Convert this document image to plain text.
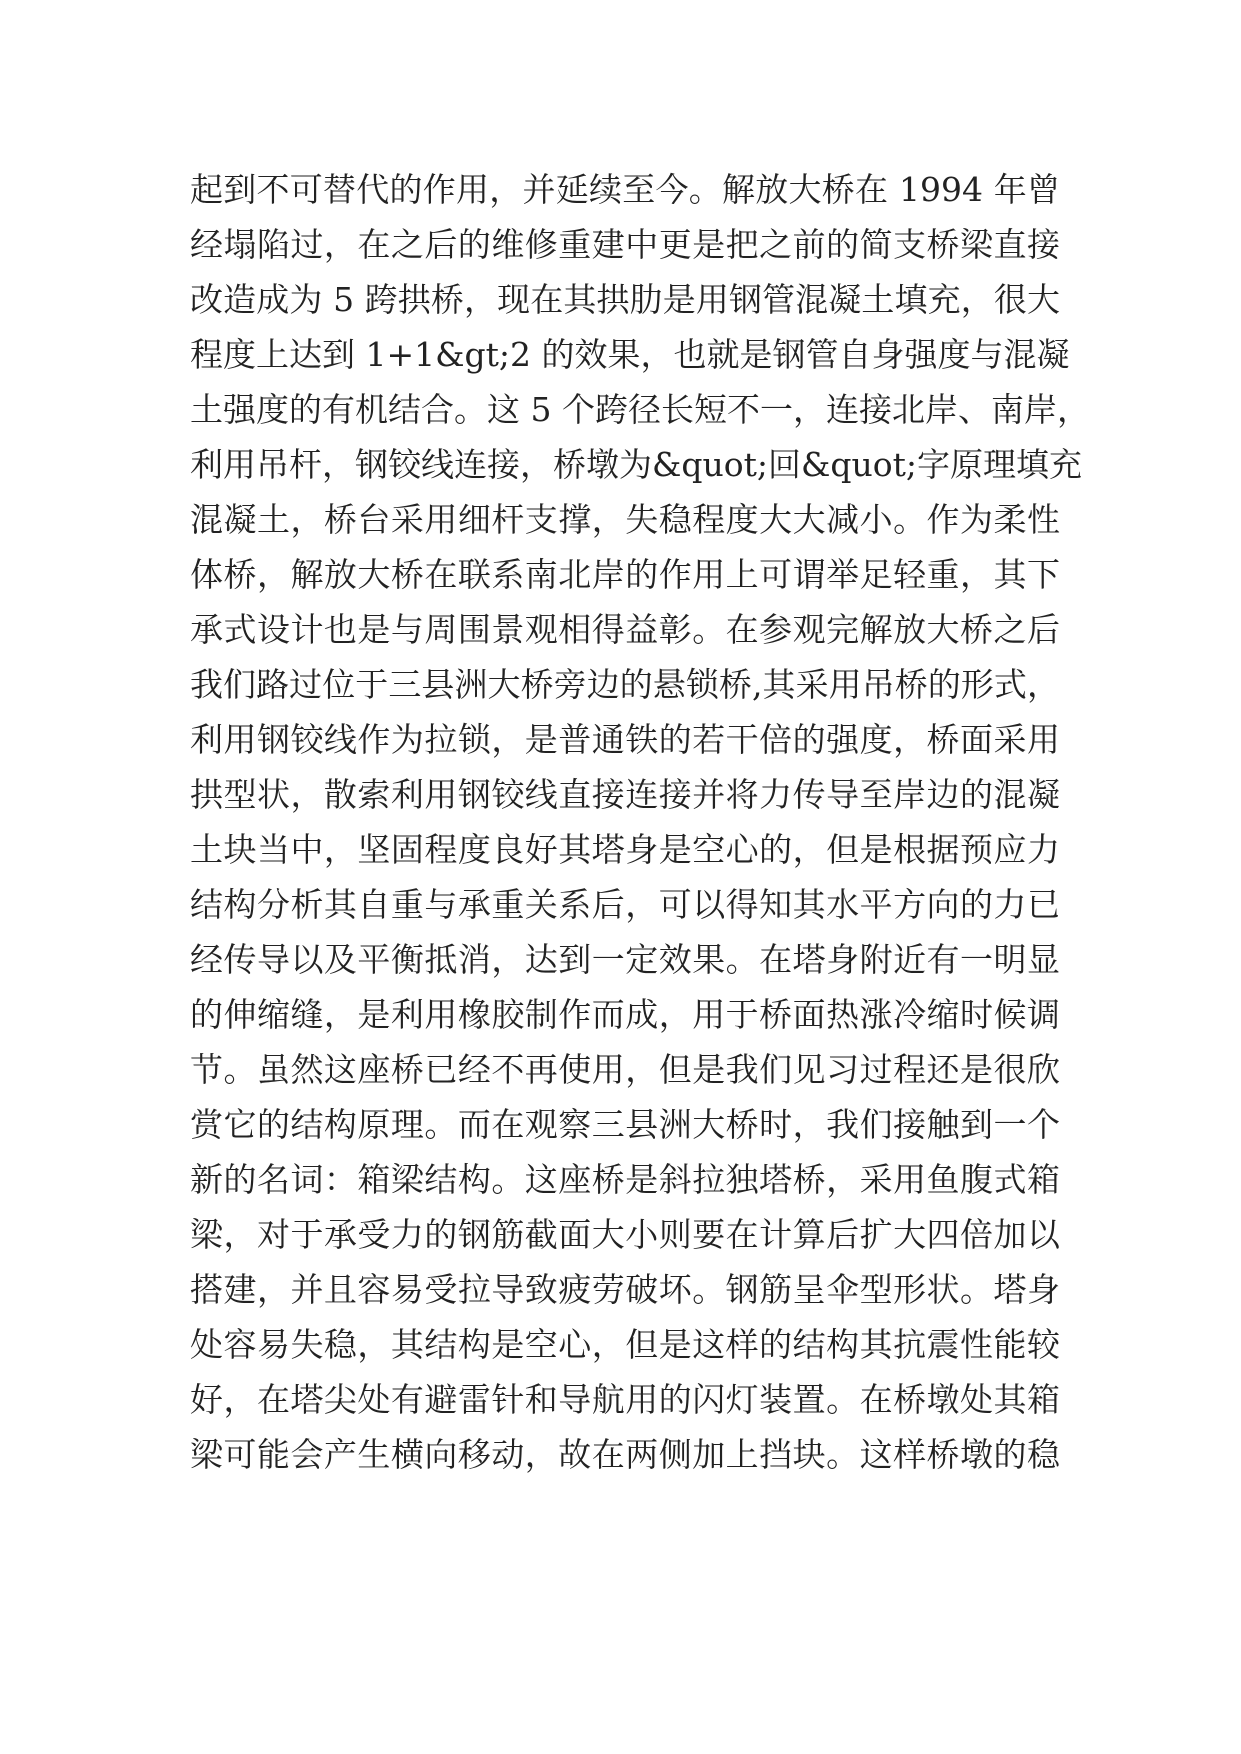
起到不可替代的作用，并延续至今。解放大桥在 1994 年曾
经塌陷过，在之后的维修重建中更是把之前的简支桥梁直接
改造成为 5 跨拱桥，现在其拱肋是用钢管混凝土填充，很大
程度上达到 1+1&gt;2 的效果，也就是钢管自身强度与混凝
土强度的有机结合。这 5 个跨径长短不一，连接北岸、南岸，
利用吊杆，钢铰线连接，桥墩为&quot;回&quot;字原理填充
混凝土，桥台采用细杆支撑，失稳程度大大减小。作为柔性
体桥，解放大桥在联系南北岸的作用上可谓举足轻重，其下
承式设计也是与周围景观相得益彰。在参观完解放大桥之后
我们路过位于三县洲大桥旁边的悬锁桥,其采用吊桥的形式，
利用钢铰线作为拉锁，是普通铁的若干倍的强度，桥面采用
拱型状，散索利用钢铰线直接连接并将力传导至岸边的混凝
土块当中，坚固程度良好其塔身是空心的，但是根据预应力
结构分析其自重与承重关系后，可以得知其水平方向的力已
经传导以及平衡抵消，达到一定效果。在塔身附近有一明显
的伸缩缝，是利用橡胶制作而成，用于桥面热涨冷缩时候调
节。虽然这座桥已经不再使用，但是我们见习过程还是很欣
赏它的结构原理。而在观察三县洲大桥时，我们接触到一个
新的名词：箱梁结构。这座桥是斜拉独塔桥，采用鱼腹式箱
梁，对于承受力的钢筋截面大小则要在计算后扩大四倍加以
搭建，并且容易受拉导致疲劳破坏。钢筋呈伞型形状。塔身
处容易失稳，其结构是空心，但是这样的结构其抗震性能较
好，在塔尖处有避雷针和导航用的闪灯装置。在桥墩处其箱
梁可能会产生横向移动，故在两侧加上挡块。这样桥墩的稳
